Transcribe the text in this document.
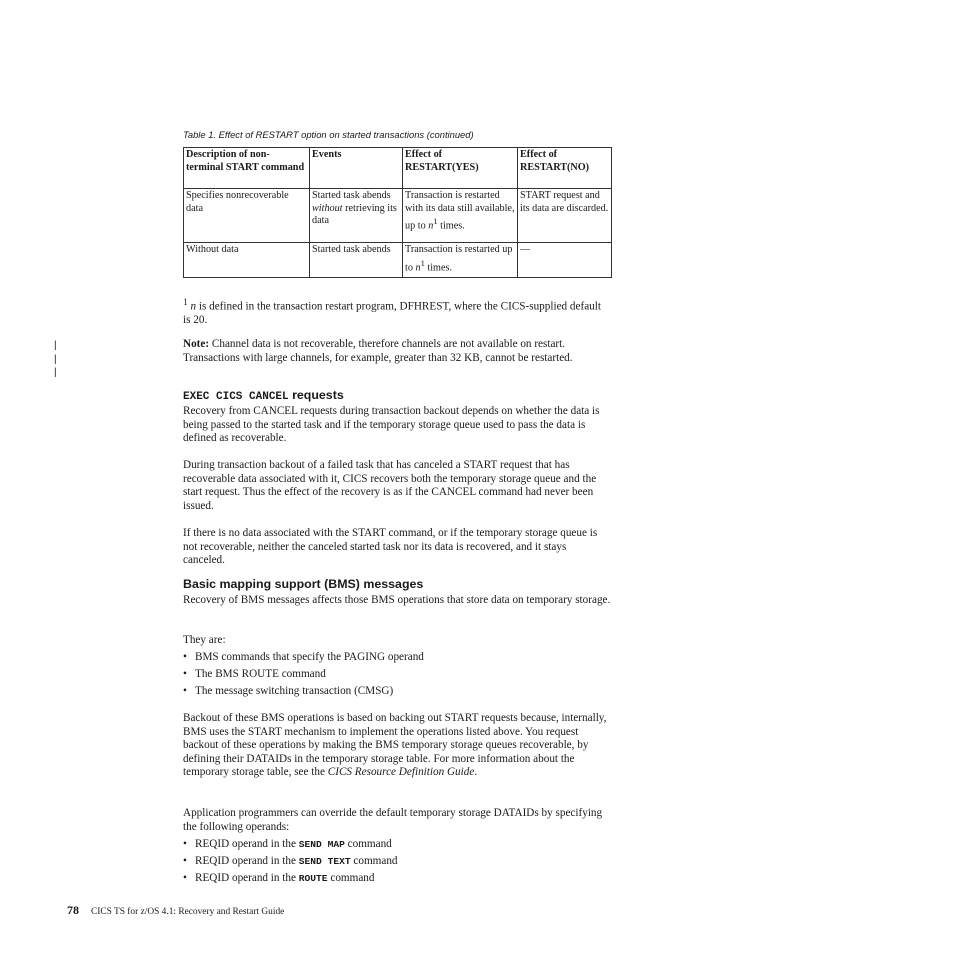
Table 1. Effect of RESTART option on started transactions (continued)
Description of non-terminal START command	Events	Effect of RESTART(YES)	Effect of RESTART(NO)
Specifies nonrecoverable data	Started task abends without retrieving its data	Transaction is restarted with its data still available, up to $n^1$ times.	START request and its data are discarded.
Without data	Started task abends	Transaction is restarted up to $n^1$ times.	—

$^1$ n is defined in the transaction restart program, DFHREST, where the CICS-supplied default is 20.

Note: Channel data is not recoverable, therefore channels are not available on restart. Transactions with large channels, for example, greater than 32 KB, cannot be restarted.

EXEC CICS CANCEL requests

Recovery from CANCEL requests during transaction backout depends on whether the data is being passed to the started task and if the temporary storage queue used to pass the data is defined as recoverable.

During transaction backout of a failed task that has canceled a START request that has recoverable data associated with it, CICS recovers both the temporary storage queue and the start request. Thus the effect of the recovery is as if the CANCEL command had never been issued.

If there is no data associated with the START command, or if the temporary storage queue is not recoverable, neither the canceled started task nor its data is recovered, and it stays canceled.

Basic mapping support (BMS) messages

Recovery of BMS messages affects those BMS operations that store data on temporary storage.

They are:

• BMS commands that specify the PAGING operand
• The BMS ROUTE command
• The message switching transaction (CMSG)

Backout of these BMS operations is based on backing out START requests because, internally, BMS uses the START mechanism to implement the operations listed above. You request backout of these operations by making the BMS temporary storage queues recoverable, by defining their DATAIDs in the temporary storage table. For more information about the temporary storage table, see the CICS Resource Definition Guide.

Application programmers can override the default temporary storage DATAIDs by specifying the following operands:

• REQID operand in the SEND MAP command
• REQID operand in the SEND TEXT command
• REQID operand in the ROUTE command
|
|
|
78 CICS TS for z/OS 4.1: Recovery and Restart Guide
